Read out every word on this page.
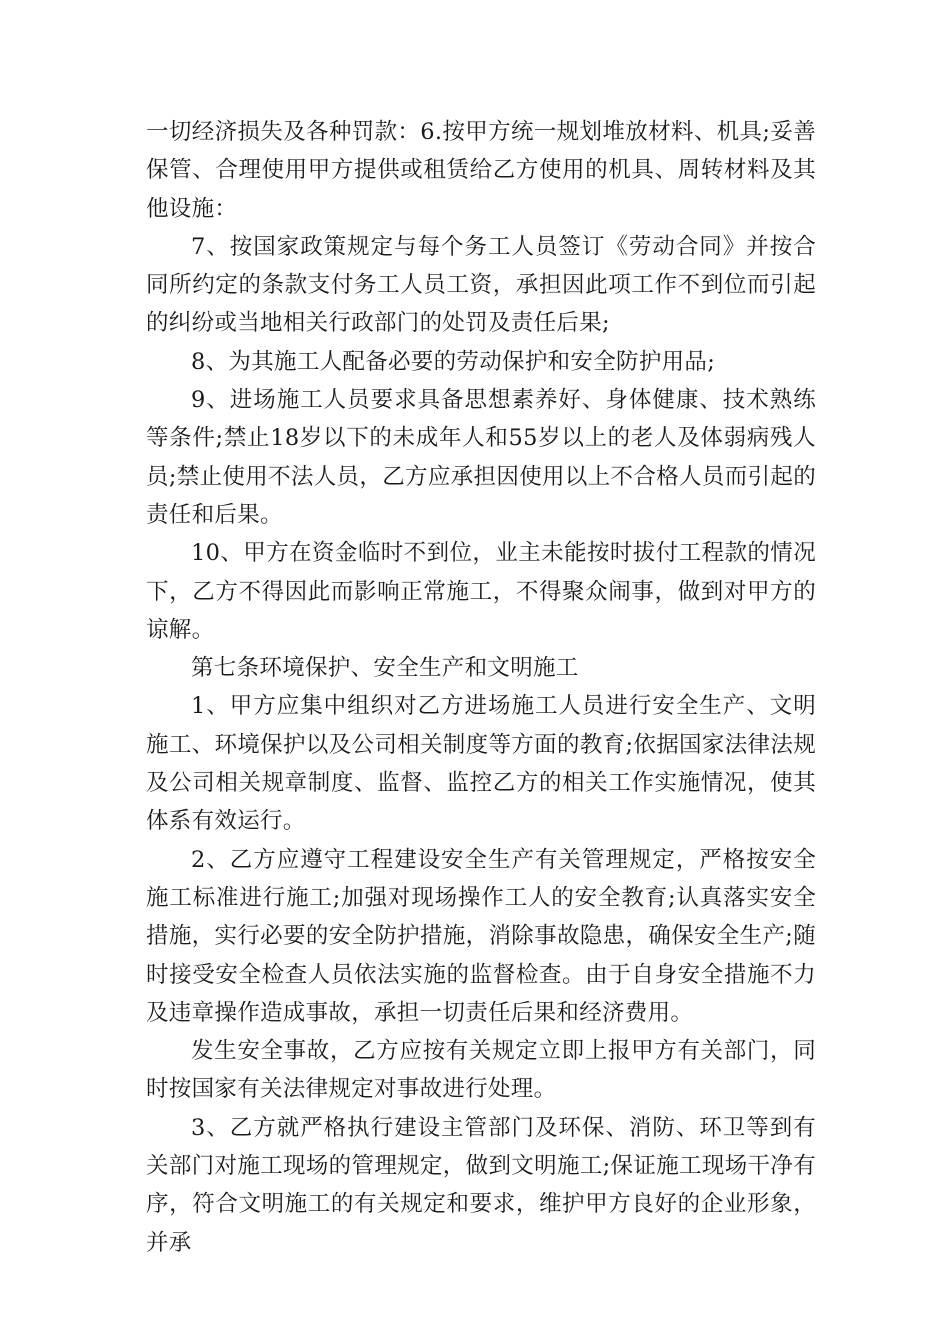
一切经济损失及各种罚款：6.按甲方统一规划堆放材料、机具;妥善保管、合理使用甲方提供或租赁给乙方使用的机具、周转材料及其他设施：

7、按国家政策规定与每个务工人员签订《劳动合同》并按合同所约定的条款支付务工人员工资，承担因此项工作不到位而引起的纠纷或当地相关行政部门的处罚及责任后果;

8、为其施工人配备必要的劳动保护和安全防护用品;

9、进场施工人员要求具备思想素养好、身体健康、技术熟练等条件;禁止18岁以下的未成年人和55岁以上的老人及体弱病残人员;禁止使用不法人员，乙方应承担因使用以上不合格人员而引起的责任和后果。

10、甲方在资金临时不到位，业主未能按时拔付工程款的情况下，乙方不得因此而影响正常施工，不得聚众闹事，做到对甲方的谅解。

第七条环境保护、安全生产和文明施工

1、甲方应集中组织对乙方进场施工人员进行安全生产、文明施工、环境保护以及公司相关制度等方面的教育;依据国家法律法规及公司相关规章制度、监督、监控乙方的相关工作实施情况，使其体系有效运行。

2、乙方应遵守工程建设安全生产有关管理规定，严格按安全施工标准进行施工;加强对现场操作工人的安全教育;认真落实安全措施，实行必要的安全防护措施，消除事故隐患，确保安全生产;随时接受安全检查人员依法实施的监督检查。由于自身安全措施不力及违章操作造成事故，承担一切责任后果和经济费用。

发生安全事故，乙方应按有关规定立即上报甲方有关部门，同时按国家有关法律规定对事故进行处理。

3、乙方就严格执行建设主管部门及环保、消防、环卫等到有关部门对施工现场的管理规定，做到文明施工;保证施工现场干净有序，符合文明施工的有关规定和要求，维护甲方良好的企业形象，并承
